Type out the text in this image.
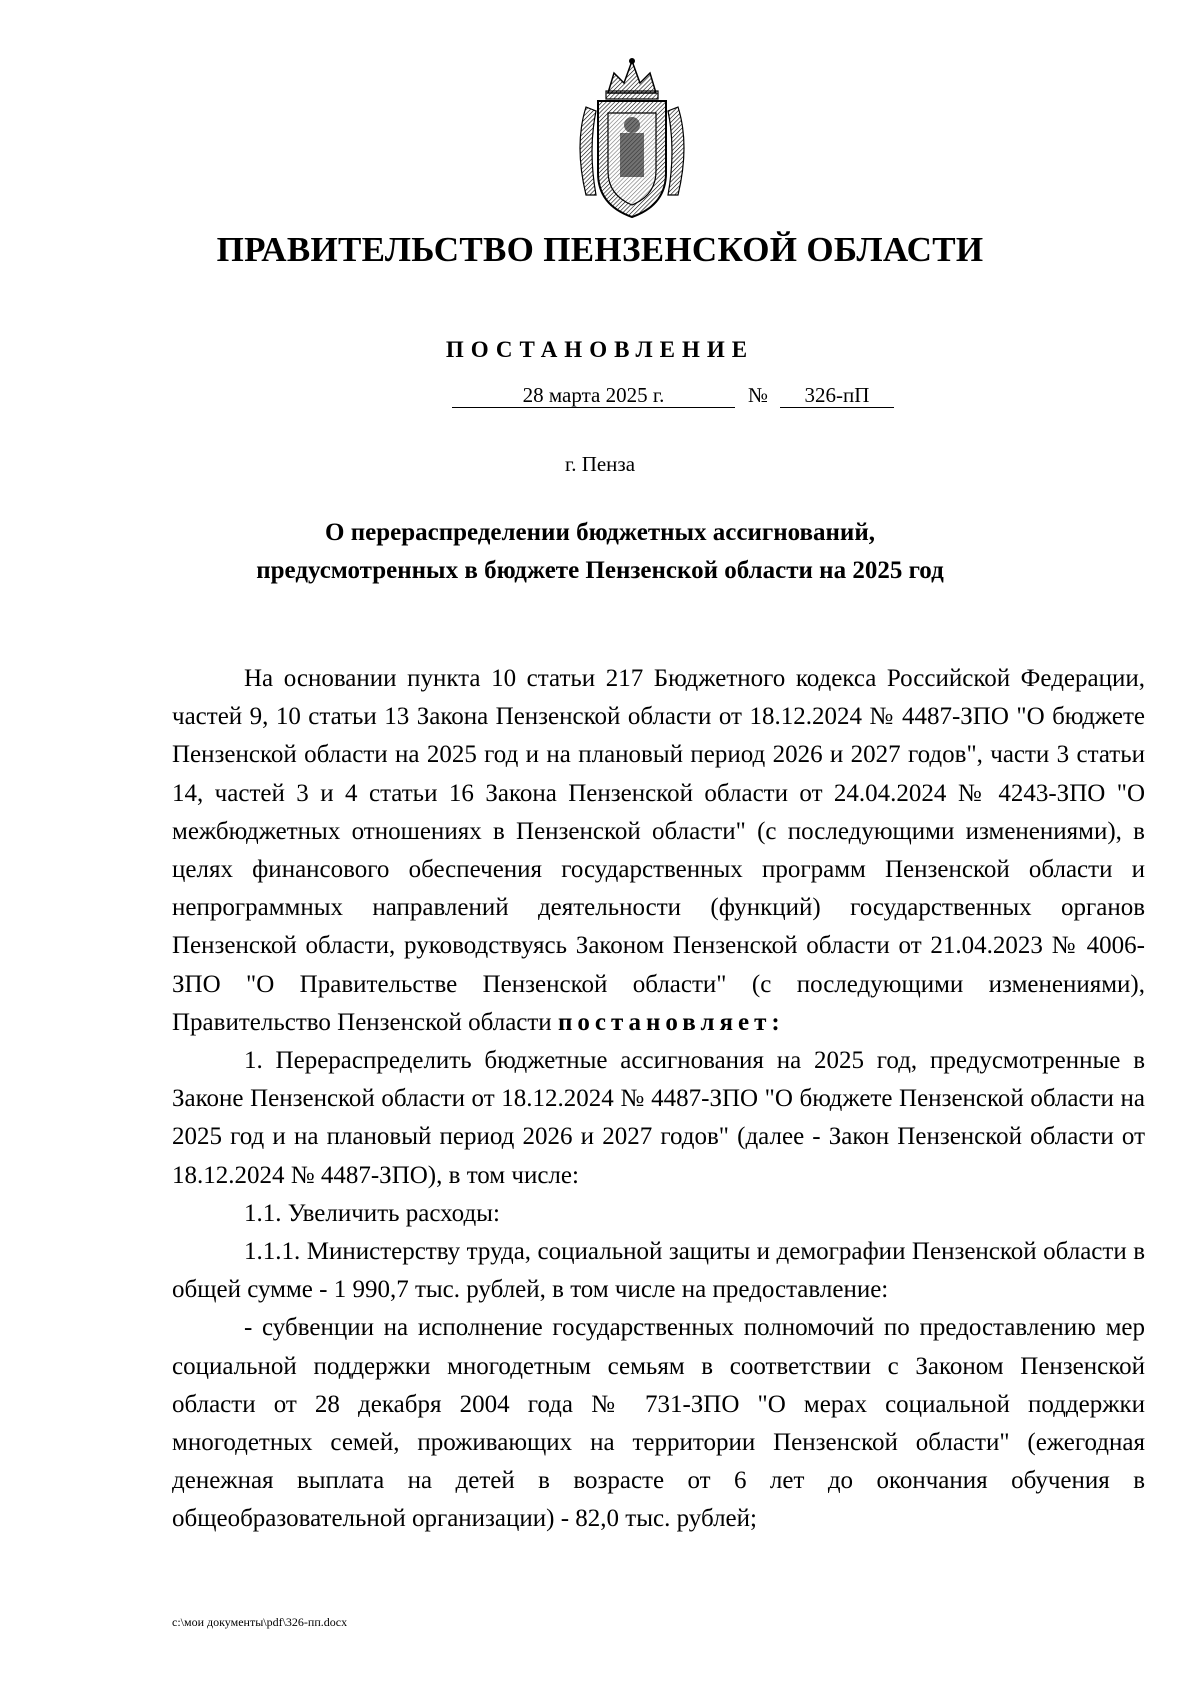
ПРАВИТЕЛЬСТВО ПЕНЗЕНСКОЙ ОБЛАСТИ
ПОСТАНОВЛЕНИЕ
28 марта 2025 г.	№	326-пП
г. Пенза
О перераспределении бюджетных ассигнований,
предусмотренных в бюджете Пензенской области на 2025 год

На основании пункта 10 статьи 217 Бюджетного кодекса Российской Федерации, частей 9, 10 статьи 13 Закона Пензенской области от 18.12.2024 № 4487-ЗПО "О бюджете Пензенской области на 2025 год и на плановый период 2026 и 2027 годов", части 3 статьи 14, частей 3 и 4 статьи 16 Закона Пензенской области от 24.04.2024 № 4243-ЗПО "О межбюджетных отношениях в Пензенской области" (с последующими изменениями), в целях финансового обеспечения государственных программ Пензенской области и непрограммных направлений деятельности (функций) государственных органов Пензенской области, руководствуясь Законом Пензенской области от 21.04.2023 № 4006-ЗПО "О Правительстве Пензенской области" (с последующими изменениями), Правительство Пензенской области постановляет:

1. Перераспределить бюджетные ассигнования на 2025 год, предусмотренные в Законе Пензенской области от 18.12.2024 № 4487-ЗПО "О бюджете Пензенской области на 2025 год и на плановый период 2026 и 2027 годов" (далее - Закон Пензенской области от 18.12.2024 № 4487-ЗПО), в том числе:

1.1. Увеличить расходы:

1.1.1. Министерству труда, социальной защиты и демографии Пензенской области в общей сумме - 1 990,7 тыс. рублей, в том числе на предоставление:

- субвенции на исполнение государственных полномочий по предоставлению мер социальной поддержки многодетным семьям в соответствии с Законом Пензенской области от 28 декабря 2004 года № 731-ЗПО "О мерах социальной поддержки многодетных семей, проживающих на территории Пензенской области" (ежегодная денежная выплата на детей в возрасте от 6 лет до окончания обучения в общеобразовательной организации) - 82,0 тыс. рублей;

c:\мои документы\pdf\326-пп.docx
